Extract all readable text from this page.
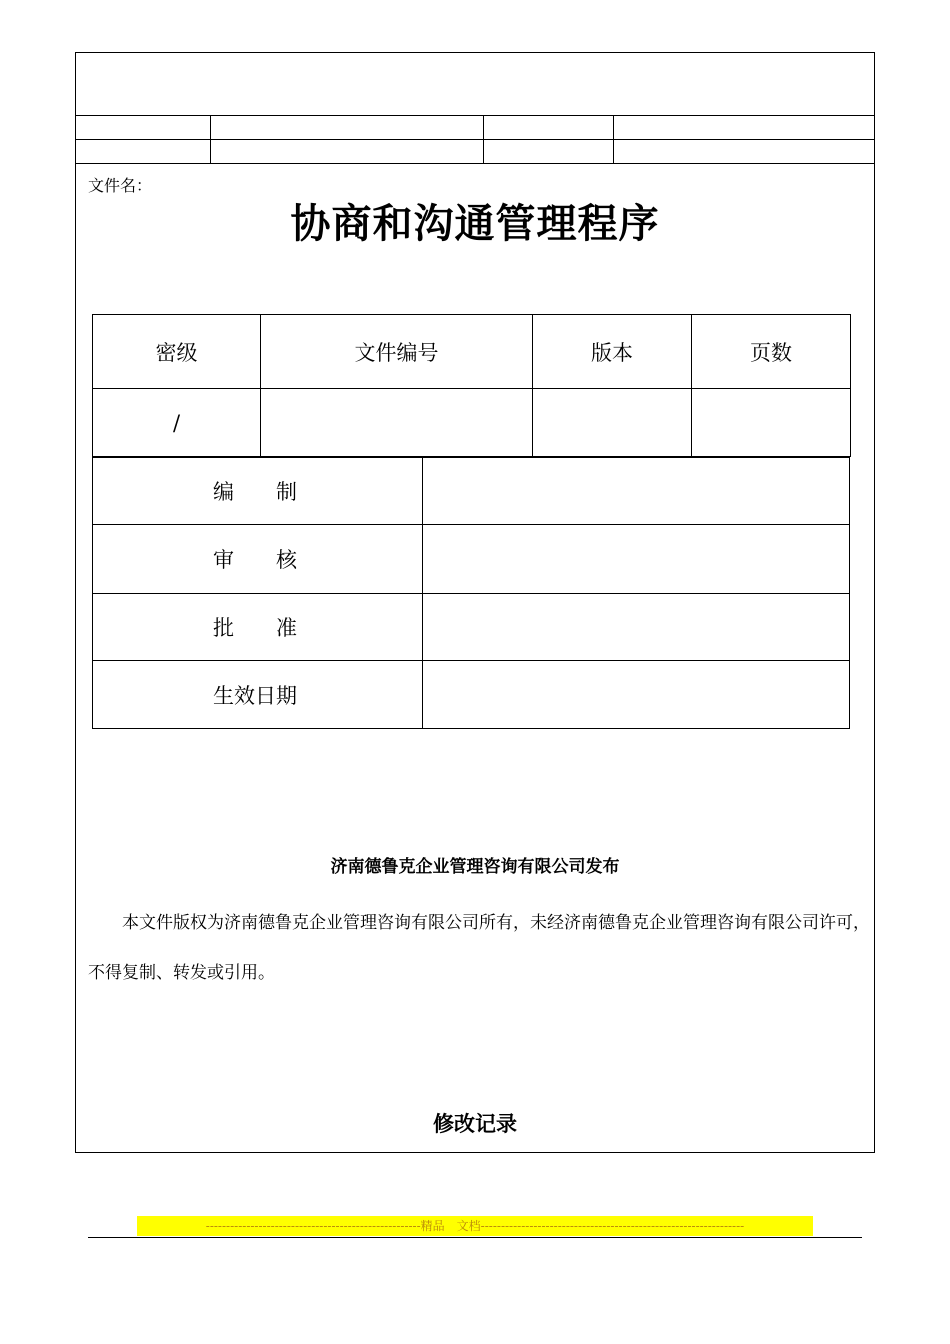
文件名：
协商和沟通管理程序
密级	文件编号	版本	页数
/			
编　　制	
审　　核	
批　　准	
生效日期	
济南德鲁克企业管理咨询有限公司发布
本文件版权为济南德鲁克企业管理咨询有限公司所有，未经济南德鲁克企业管理咨询有限公司许可，不得复制、转发或引用。
修改记录
-----------------------------------------------------精品　文档-----------------------------------------------------------------
